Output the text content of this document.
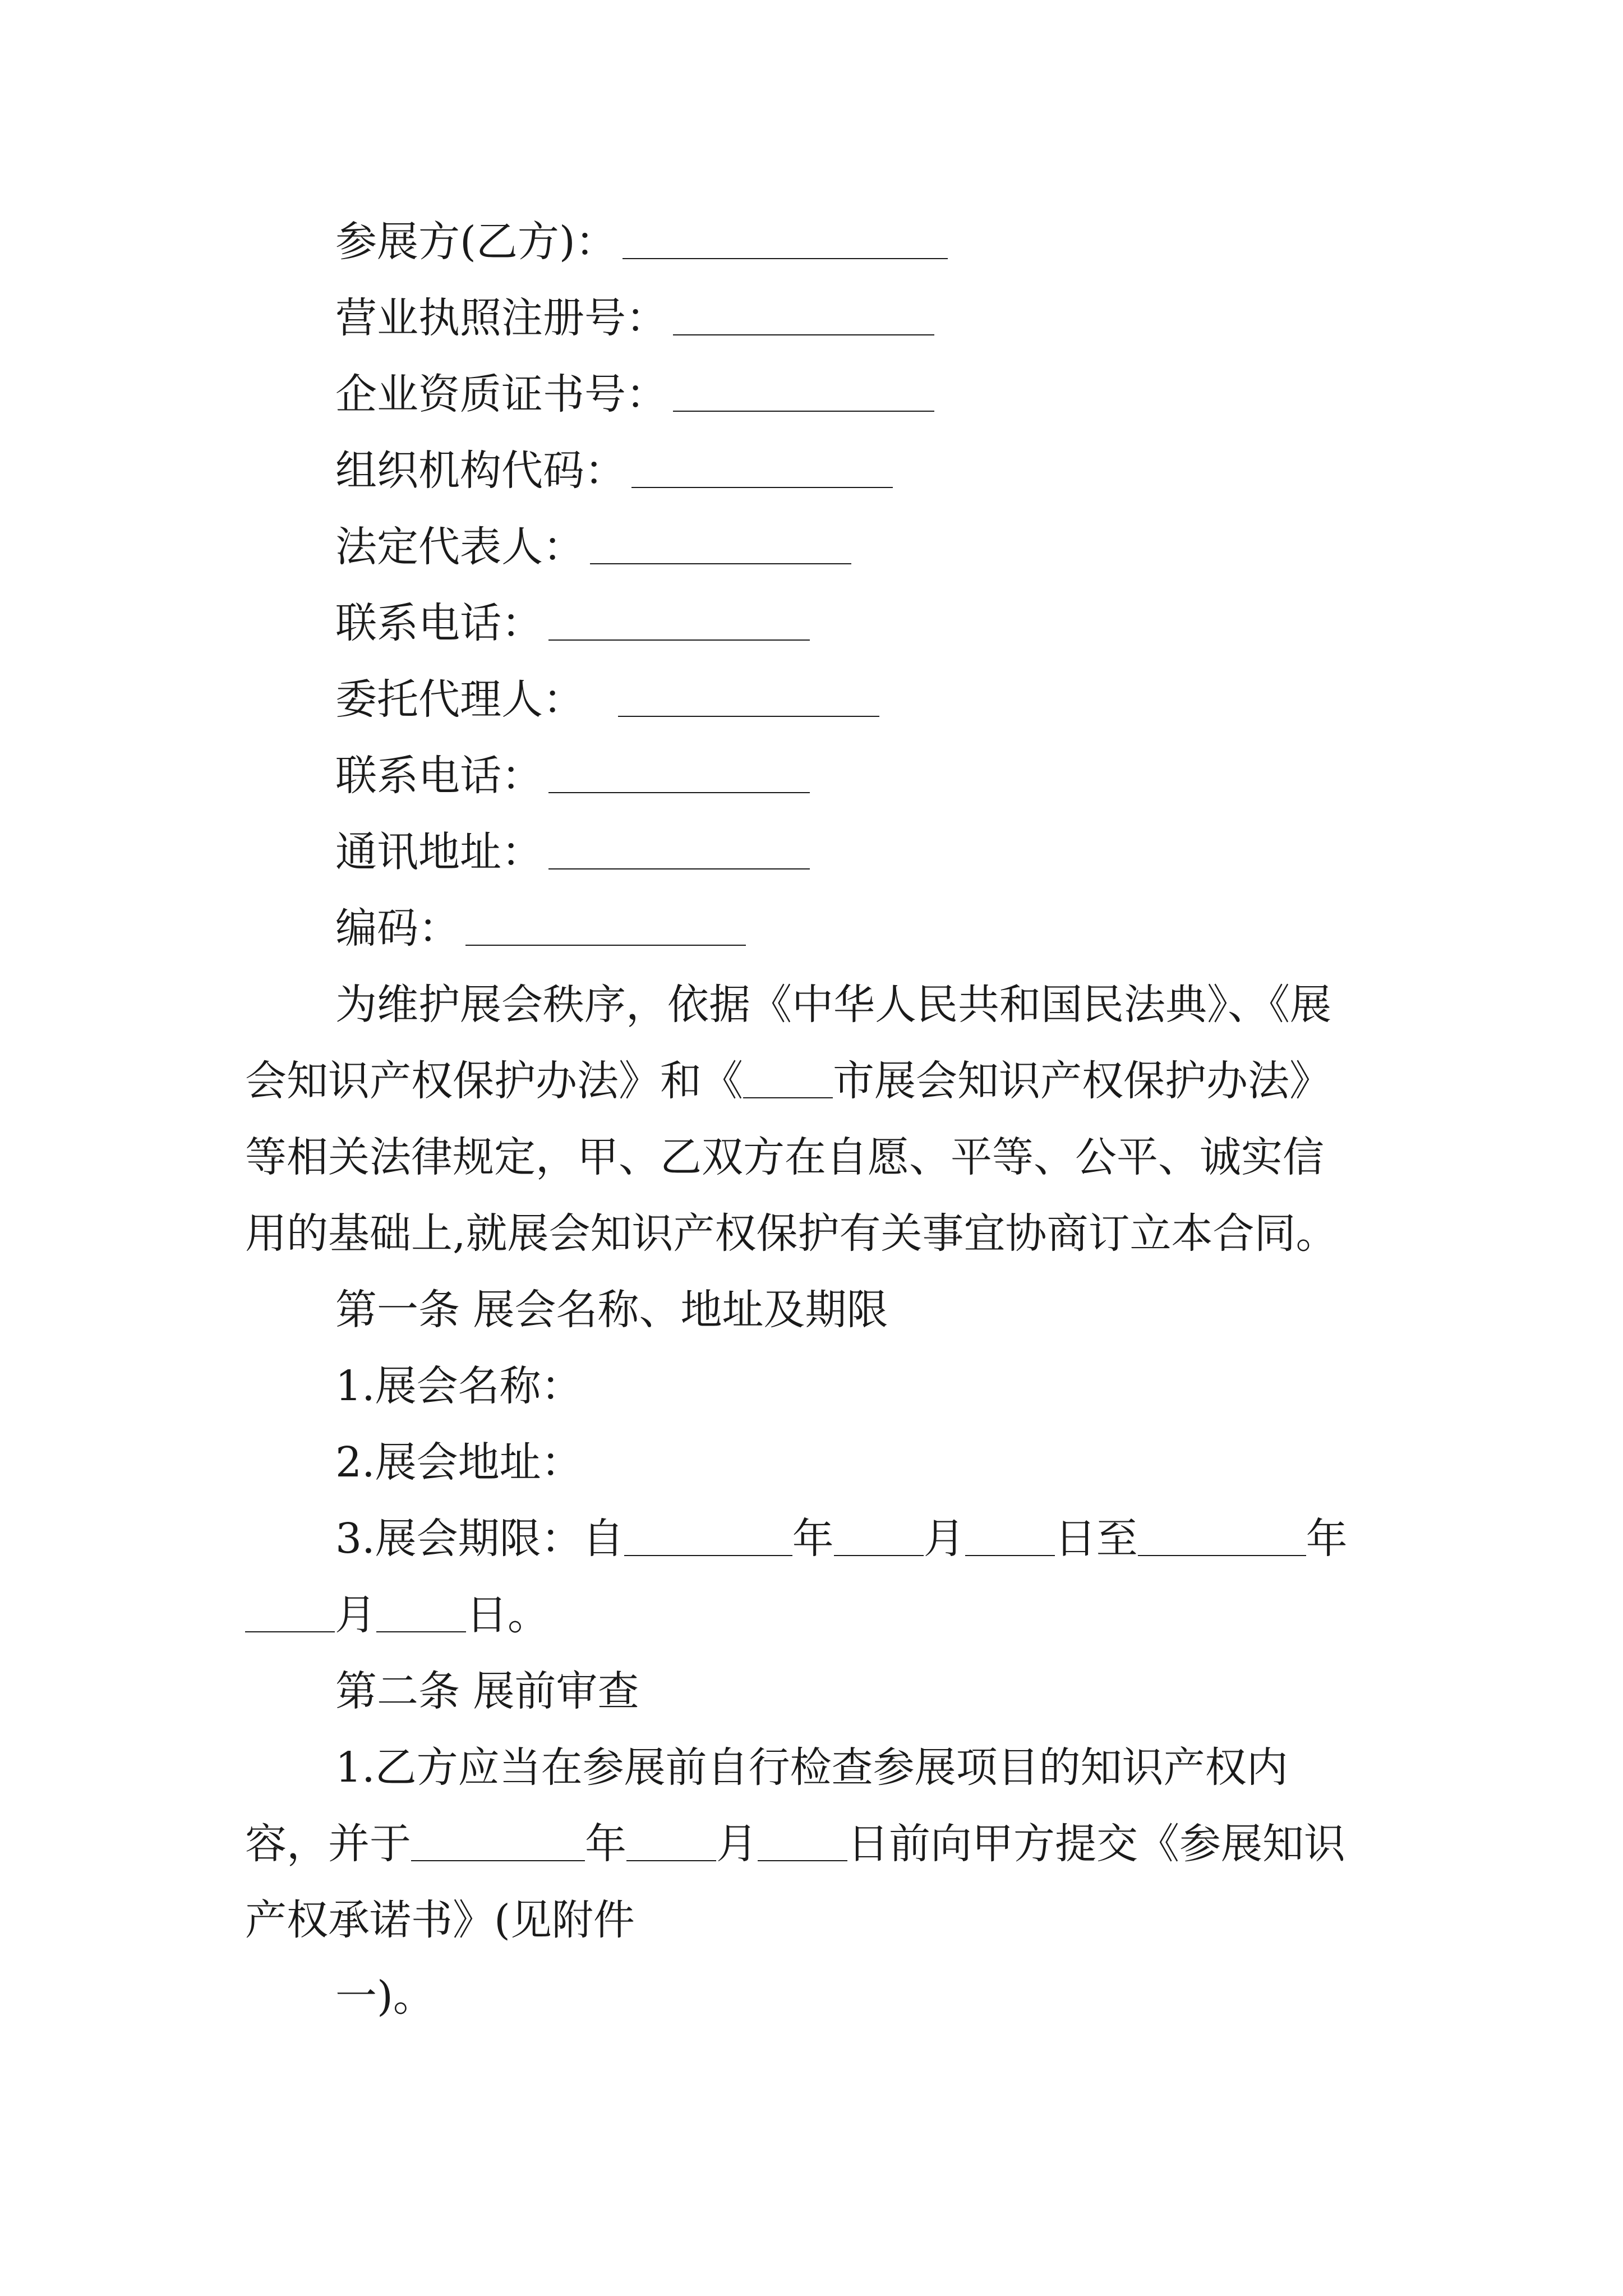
参展方(乙方)：
营业执照注册号：
企业资质证书号：
组织机构代码：
法定代表人：
联系电话：
委托代理人：
联系电话：
通讯地址：
编码：
为维护展会秩序，依据《中华人民共和国民法典》、《展
会知识产权保护办法》和《 市展会知识产权保护办法》
等相关法律规定，甲、乙双方在自愿、平等、公平、诚实信
用的基础上,就展会知识产权保护有关事宜协商订立本合同。
第一条 展会名称、地址及期限
1.展会名称：
2.展会地址：
3.展会期限：自	年 月 日至	年
月 日。
第二条 展前审查
1.乙方应当在参展前自行检查参展项目的知识产权内
容，并于	年 月 日前向甲方提交《参展知识
产权承诺书》(见附件
一)。
